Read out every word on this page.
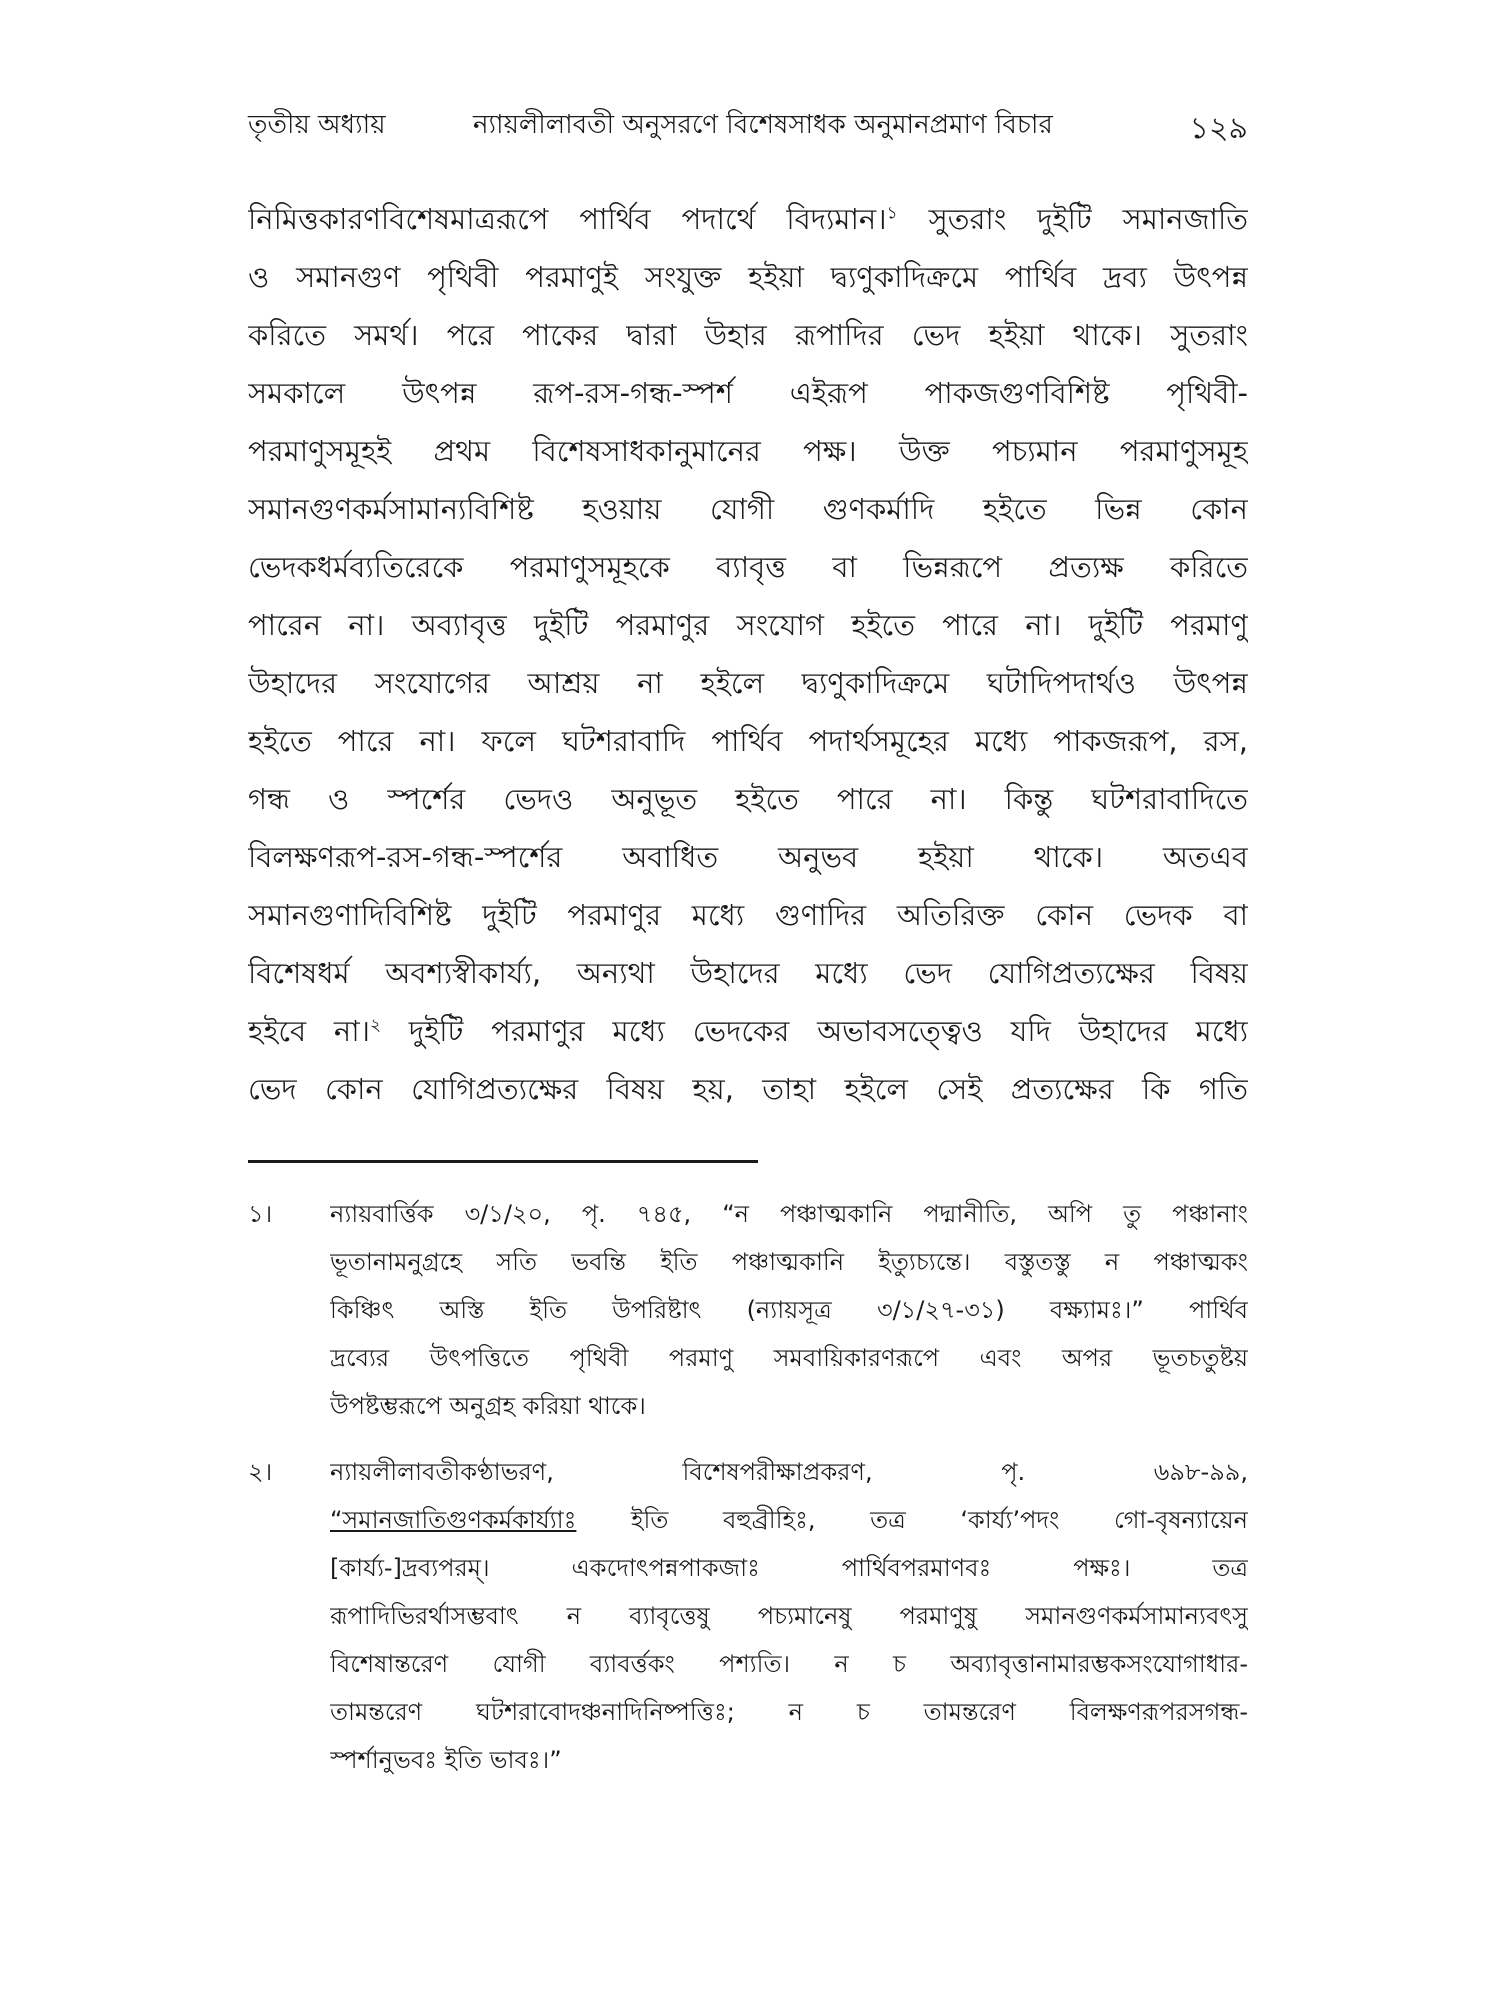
তৃতীয় অধ্যায়	ন্যায়লীলাবতী অনুসরণে বিশেষসাধক অনুমানপ্রমাণ বিচার	১২৯
নিমিত্তকারণবিশেষমাত্ররূপে পার্থিব পদার্থে বিদ্যমান।$^১$ সুতরাং দুইটি সমানজাতি
ও সমানগুণ পৃথিবী পরমাণুই সংযুক্ত হইয়া দ্ব্যণুকাদিক্রমে পার্থিব দ্রব্য উৎপন্ন
করিতে সমর্থ। পরে পাকের দ্বারা উহার রূপাদির ভেদ হইয়া থাকে। সুতরাং
সমকালে উৎপন্ন রূপ-রস-গন্ধ-স্পর্শ এইরূপ পাকজগুণবিশিষ্ট পৃথিবী-
পরমাণুসমূহই প্রথম বিশেষসাধকানুমানের পক্ষ। উক্ত পচ্যমান পরমাণুসমূহ
সমানগুণকর্মসামান্যবিশিষ্ট হওয়ায় যোগী গুণকর্মাদি হইতে ভিন্ন কোন
ভেদকধর্মব্যতিরেকে পরমাণুসমূহকে ব্যাবৃত্ত বা ভিন্নরূপে প্রত্যক্ষ করিতে
পারেন না। অব্যাবৃত্ত দুইটি পরমাণুর সংযোগ হইতে পারে না। দুইটি পরমাণু
উহাদের সংযোগের আশ্রয় না হইলে দ্ব্যণুকাদিক্রমে ঘটাদিপদার্থও উৎপন্ন
হইতে পারে না। ফলে ঘটশরাবাদি পার্থিব পদার্থসমূহের মধ্যে পাকজরূপ, রস,
গন্ধ ও স্পর্শের ভেদও অনুভূত হইতে পারে না। কিন্তু ঘটশরাবাদিতে
বিলক্ষণরূপ-রস-গন্ধ-স্পর্শের অবাধিত অনুভব হইয়া থাকে। অতএব
সমানগুণাদিবিশিষ্ট দুইটি পরমাণুর মধ্যে গুণাদির অতিরিক্ত কোন ভেদক বা
বিশেষধর্ম অবশ্যস্বীকার্য্য, অন্যথা উহাদের মধ্যে ভেদ যোগিপ্রত্যক্ষের বিষয়
হইবে না।$^২$ দুইটি পরমাণুর মধ্যে ভেদকের অভাবসত্ত্বেও যদি উহাদের মধ্যে
ভেদ কোন যোগিপ্রত্যক্ষের বিষয় হয়, তাহা হইলে সেই প্রত্যক্ষের কি গতি
১। ন্যায়বার্ত্তিক ৩/১/২০, পৃ. ৭৪৫, “ন পঞ্চাত্মকানি পদ্মানীতি, অপি তু পঞ্চানাং
ভূতানামনুগ্রহে সতি ভবন্তি ইতি পঞ্চাত্মকানি ইত্যুচ্যন্তে। বস্তুতস্তু ন পঞ্চাত্মকং
কিঞ্চিৎ অস্তি ইতি উপরিষ্টাৎ (ন্যায়সূত্র ৩/১/২৭-৩১) বক্ষ্যামঃ।” পার্থিব
দ্রব্যের উৎপত্তিতে পৃথিবী পরমাণু সমবায়িকারণরূপে এবং অপর ভূতচতুষ্টয়
উপষ্টম্ভরূপে অনুগ্রহ করিয়া থাকে।
২। ন্যায়লীলাবতীকণ্ঠাভরণ, বিশেষপরীক্ষাপ্রকরণ, পৃ. ৬৯৮-৯৯,
“সমানজাতিগুণকর্মকার্য্যাঃ ইতি বহুব্রীহিঃ, তত্র ‘কার্য্য’পদং গো-বৃষন্যায়েন
[কার্য্য-]দ্রব্যপরম্। একদোৎপন্নপাকজাঃ পার্থিবপরমাণবঃ পক্ষঃ। তত্র
রূপাদিভিরর্থাসম্ভবাৎ ন ব্যাবৃত্তেষু পচ্যমানেষু পরমাণুষু সমানগুণকর্মসামান্যবৎসু
বিশেষান্তরেণ যোগী ব্যাবর্ত্তকং পশ্যতি। ন চ অব্যাবৃত্তানামারম্ভকসংযোগাধার-
তামন্তরেণ ঘটশরাবোদঞ্চনাদিনিষ্পত্তিঃ; ন চ তামন্তরেণ বিলক্ষণরূপরসগন্ধ-
স্পর্শানুভবঃ ইতি ভাবঃ।”
